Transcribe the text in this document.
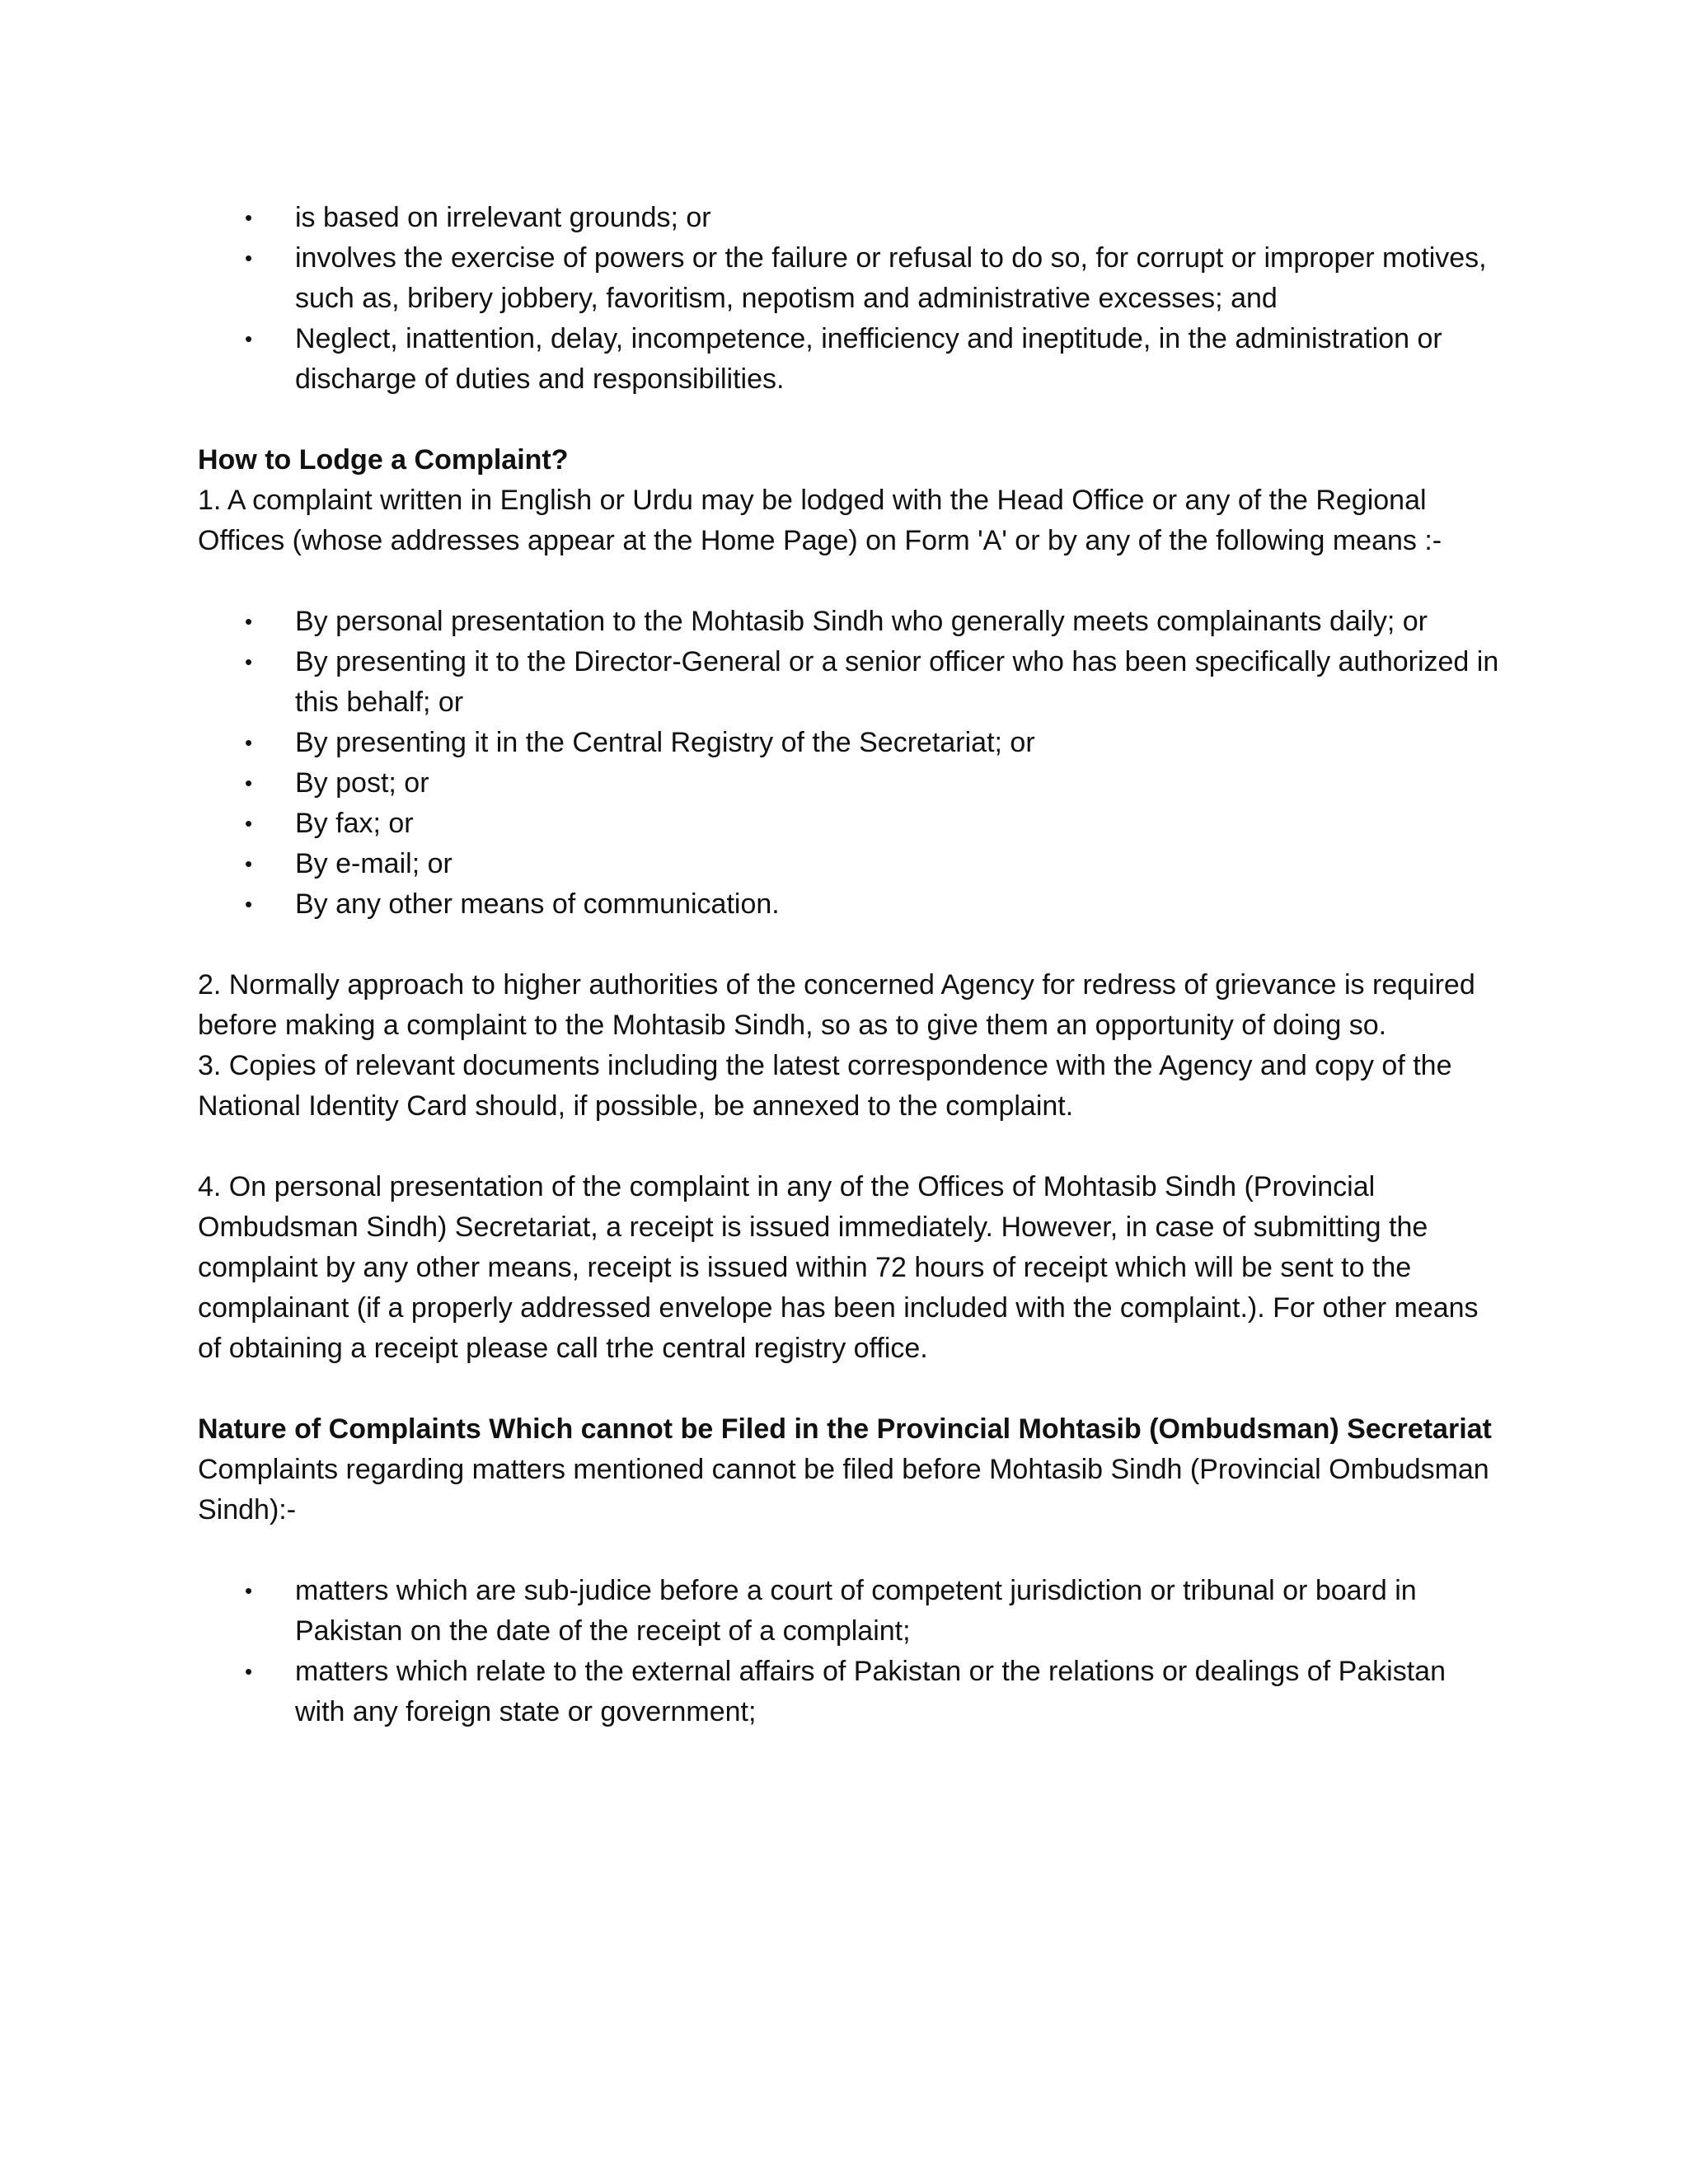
• is based on irrelevant grounds; or
• involves the exercise of powers or the failure or refusal to do so, for corrupt or improper motives, such as, bribery jobbery, favoritism, nepotism and administrative excesses; and
• Neglect, inattention, delay, incompetence, inefficiency and ineptitude, in the administration or discharge of duties and responsibilities.
How to Lodge a Complaint?

1. A complaint written in English or Urdu may be lodged with the Head Office or any of the Regional Offices (whose addresses appear at the Home Page) on Form 'A' or by any of the following means :-

• By personal presentation to the Mohtasib Sindh who generally meets complainants daily; or
• By presenting it to the Director-General or a senior officer who has been specifically authorized in this behalf; or
• By presenting it in the Central Registry of the Secretariat; or
• By post; or
• By fax; or
• By e-mail; or
• By any other means of communication.

2. Normally approach to higher authorities of the concerned Agency for redress of grievance is required before making a complaint to the Mohtasib Sindh, so as to give them an opportunity of doing so.

3. Copies of relevant documents including the latest correspondence with the Agency and copy of the National Identity Card should, if possible, be annexed to the complaint.

4. On personal presentation of the complaint in any of the Offices of Mohtasib Sindh (Provincial Ombudsman Sindh) Secretariat, a receipt is issued immediately. However, in case of submitting the complaint by any other means, receipt is issued within 72 hours of receipt which will be sent to the complainant (if a properly addressed envelope has been included with the complaint.). For other means of obtaining a receipt please call trhe central registry office.

Nature of Complaints Which cannot be Filed in the Provincial Mohtasib (Ombudsman) Secretariat

Complaints regarding matters mentioned cannot be filed before Mohtasib Sindh (Provincial Ombudsman Sindh):-

• matters which are sub-judice before a court of competent jurisdiction or tribunal or board in Pakistan on the date of the receipt of a complaint;
• matters which relate to the external affairs of Pakistan or the relations or dealings of Pakistan with any foreign state or government;
